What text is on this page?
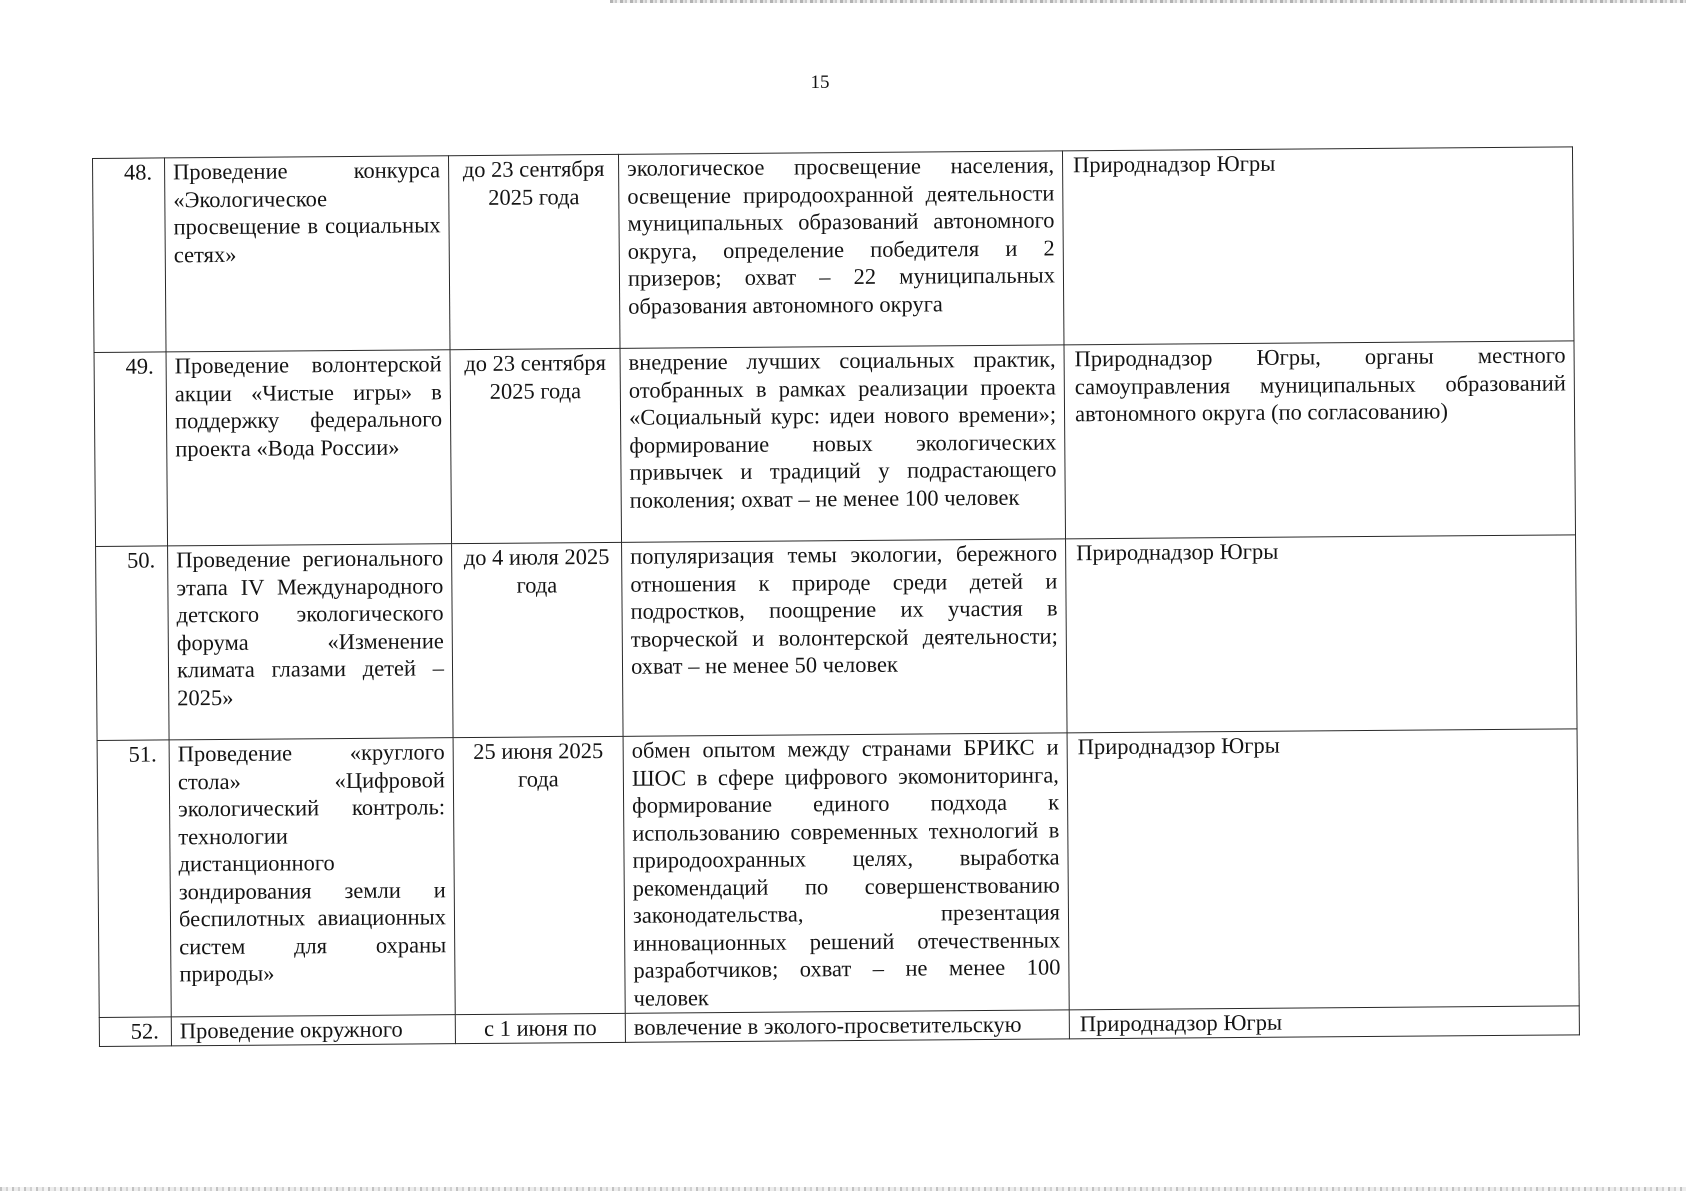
15
48.	Проведение конкурса «Экологическое просвещение в социальных сетях»	до 23 сентября 2025 года	экологическое просвещение населения, освещение природоохранной деятельности муниципальных образований автономного округа, определение победителя и 2 призеров; охват – 22 муниципальных образования автономного округа	Природнадзор Югры
49.	Проведение волонтерской акции «Чистые игры» в поддержку федерального проекта «Вода России»	до 23 сентября 2025 года	внедрение лучших социальных практик, отобранных в рамках реализации проекта «Социальный курс: идеи нового времени»; формирование новых экологических привычек и традиций у подрастающего поколения; охват – не менее 100 человек	Природнадзор Югры, органы местного самоуправления муниципальных образований автономного округа (по согласованию)
50.	Проведение регионального этапа IV Международного детского экологического форума «Изменение климата глазами детей – 2025»	до 4 июля 2025 года	популяризация темы экологии, бережного отношения к природе среди детей и подростков, поощрение их участия в творческой и волонтерской деятельности; охват – не менее 50 человек	Природнадзор Югры
51.	Проведение «круглого стола» «Цифровой экологический контроль: технологии дистанционного зондирования земли и беспилотных авиационных систем для охраны природы»	25 июня 2025 года	обмен опытом между странами БРИКС и ШОС в сфере цифрового экомониторинга, формирование единого подхода к использованию современных технологий в природоохранных целях, выработка рекомендаций по совершенствованию законодательства, презентация инновационных решений отечественных разработчиков; охват – не менее 100 человек	Природнадзор Югры
52.	Проведение окружного	с 1 июня по	вовлечение в эколого-просветительскую	Природнадзор Югры
